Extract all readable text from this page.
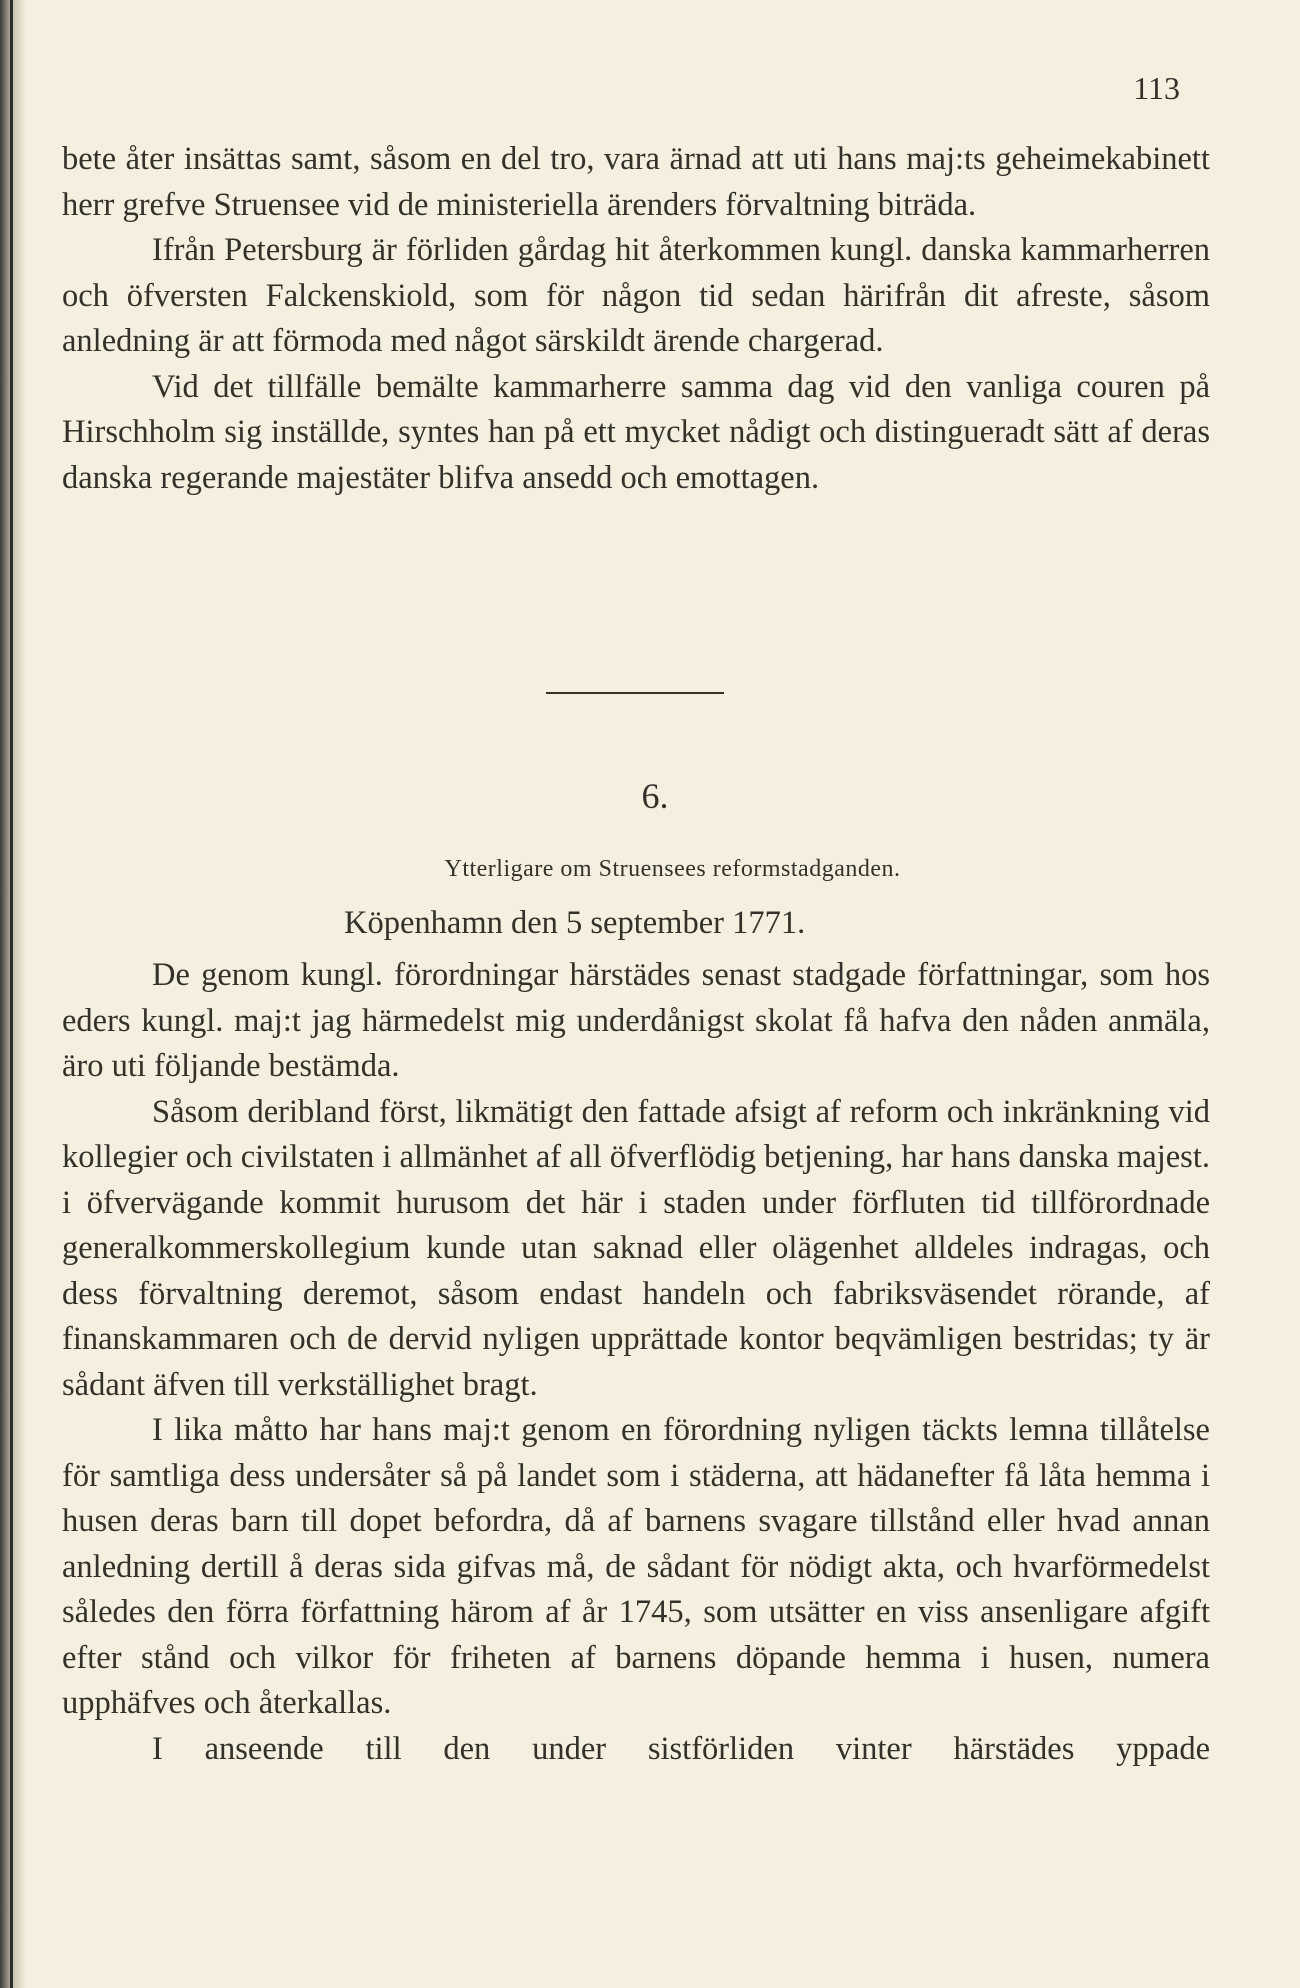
113

bete åter insättas samt, såsom en del tro, vara ärnad att uti hans maj:ts geheimekabinett herr grefve Struensee vid de ministeriella ärenders förvaltning biträda.

Ifrån Petersburg är förliden gårdag hit återkommen kungl. danska kammarherren och öfversten Falckenskiold, som för någon tid sedan härifrån dit afreste, såsom anledning är att förmoda med något särskildt ärende chargerad.

Vid det tillfälle bemälte kammarherre samma dag vid den vanliga couren på Hirschholm sig inställde, syntes han på ett mycket nådigt och distingueradt sätt af deras danska regerande majestäter blifva ansedd och emottagen.

6.
Ytterligare om Struensees reformstadganden.
Köpenhamn den 5 september 1771.

De genom kungl. förordningar härstädes senast stadgade författningar, som hos eders kungl. maj:t jag härmedelst mig underdånigst skolat få hafva den nåden anmäla, äro uti följande bestämda.

Såsom deribland först, likmätigt den fattade afsigt af reform och inkränkning vid kollegier och civilstaten i allmänhet af all öfverflödig betjening, har hans danska majest. i öfvervägande kommit hurusom det här i staden under förfluten tid tillförordnade generalkommerskollegium kunde utan saknad eller olägenhet alldeles indragas, och dess förvaltning deremot, såsom endast handeln och fabriksväsendet rörande, af finanskammaren och de dervid nyligen upprättade kontor beqvämligen bestridas; ty är sådant äfven till verkställighet bragt.

I lika måtto har hans maj:t genom en förordning nyligen täckts lemna tillåtelse för samtliga dess undersåter så på landet som i städerna, att hädanefter få låta hemma i husen deras barn till dopet befordra, då af barnens svagare tillstånd eller hvad annan anledning dertill å deras sida gifvas må, de sådant för nödigt akta, och hvarförmedelst således den förra författning härom af år 1745, som utsätter en viss ansenligare afgift efter stånd och vilkor för friheten af barnens döpande hemma i husen, numera upphäfves och återkallas.

I anseende till den under sistförliden vinter härstädes yppade
